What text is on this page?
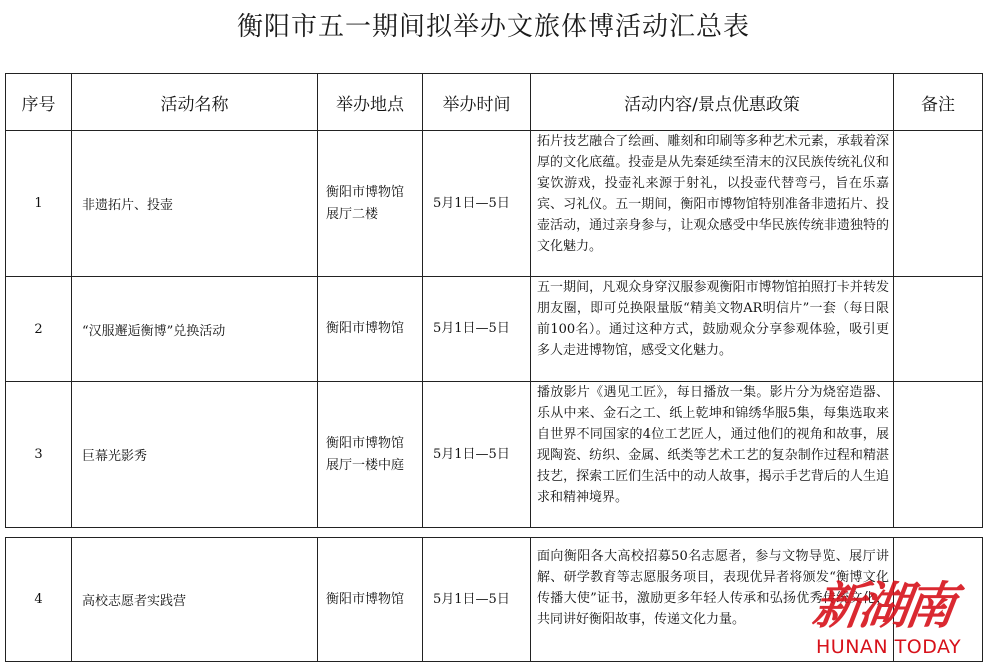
衡阳市五一期间拟举办文旅体博活动汇总表
序号	活动名称	举办地点	举办时间	活动内容/景点优惠政策	备注
1	非遗拓片、投壶	衡阳市博物馆展厅二楼	5月1日—5日	拓片技艺融合了绘画、雕刻和印刷等多种艺术元素，承载着深厚的文化底蕴。投壶是从先秦延续至清末的汉民族传统礼仪和宴饮游戏，投壶礼来源于射礼，以投壶代替弯弓，旨在乐嘉宾、习礼仪。五一期间，衡阳市博物馆特别准备非遗拓片、投壶活动，通过亲身参与，让观众感受中华民族传统非遗独特的文化魅力。	
2	“汉服邂逅衡博”兑换活动	衡阳市博物馆	5月1日—5日	五一期间，凡观众身穿汉服参观衡阳市博物馆拍照打卡并转发朋友圈，即可兑换限量版“精美文物AR明信片”一套（每日限前100名）。通过这种方式，鼓励观众分享参观体验，吸引更多人走进博物馆，感受文化魅力。	
3	巨幕光影秀	衡阳市博物馆展厅一楼中庭	5月1日—5日	播放影片《遇见工匠》，每日播放一集。影片分为烧窑造器、乐从中来、金石之工、纸上乾坤和锦绣华服5集，每集选取来自世界不同国家的4位工艺匠人，通过他们的视角和故事，展现陶瓷、纺织、金属、纸类等艺术工艺的复杂制作过程和精湛技艺，探索工匠们生活中的动人故事，揭示手艺背后的人生追求和精神境界。	
4	高校志愿者实践营	衡阳市博物馆	5月1日—5日	面向衡阳各大高校招募50名志愿者，参与文物导览、展厅讲解、研学教育等志愿服务项目，表现优异者将颁发“衡博文化传播大使”证书，激励更多年轻人传承和弘扬优秀传统文化，共同讲好衡阳故事，传递文化力量。	新湖南
HUNAN TODAY
